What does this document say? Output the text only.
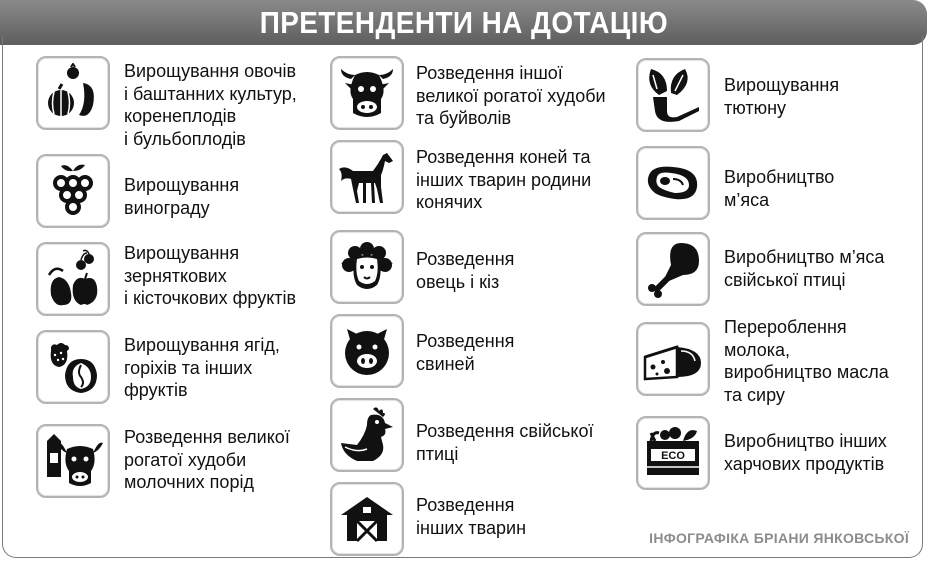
ПРЕТЕНДЕНТИ НА ДОТАЦІЮ
Вирощування овочів
і баштанних культур,
коренеплодів
і бульбоплодів
Вирощування
винограду
Вирощування
зерняткових
і кісточкових фруктів
Вирощування ягід,
горіхів та інших
фруктів
Розведення великої
рогатої худоби
молочних порід
Розведення іншої
великої рогатої худоби
та буйволів
Розведення коней та
інших тварин родини
конячих
Розведення
овець і кіз
Розведення
свиней
Розведення свійської
птиці
Розведення
інших тварин
Вирощування
тютюну
Виробництво
м’яса
Виробництво м’яса
свійської птиці
Перероблення
молока,
виробництво масла
та сиру
ECO
Виробництво інших
харчових продуктів
ІНФОГРАФІКА БРІАНИ ЯНКОВСЬКОЇ
